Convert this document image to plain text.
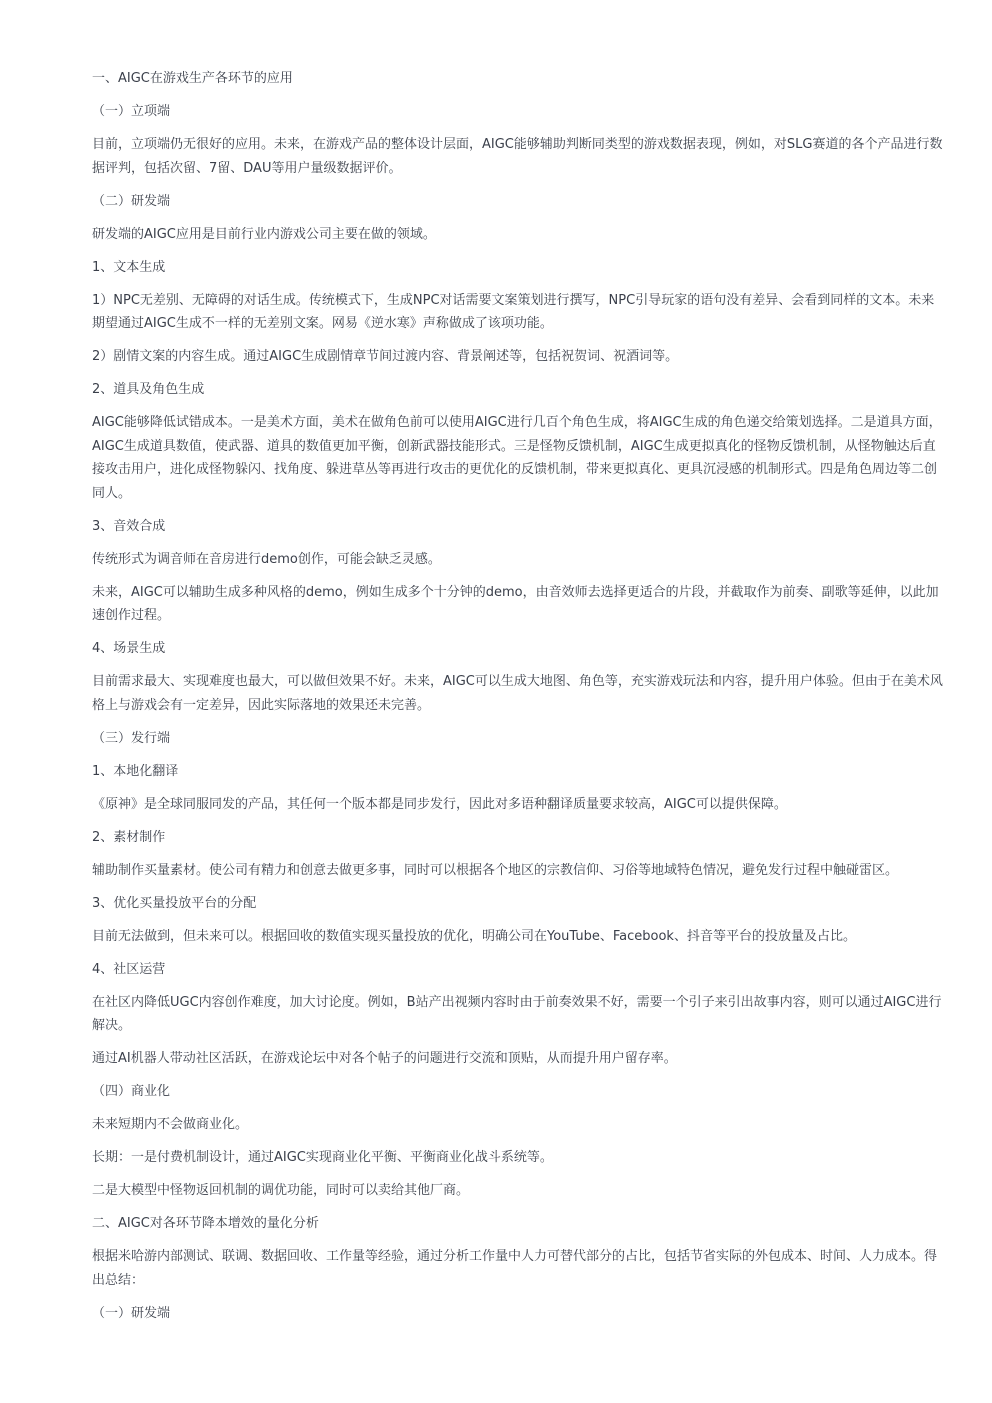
一、AIGC在游戏生产各环节的应用

（一）立项端

目前，立项端仍无很好的应用。未来，在游戏产品的整体设计层面，AIGC能够辅助判断同类型的游戏数据表现，例如，对SLG赛道的各个产品进行数据评判，包括次留、7留、DAU等用户量级数据评价。

（二）研发端

研发端的AIGC应用是目前行业内游戏公司主要在做的领域。

1、文本生成

1）NPC无差别、无障碍的对话生成。传统模式下，生成NPC对话需要文案策划进行撰写，NPC引导玩家的语句没有差异、会看到同样的文本。未来期望通过AIGC生成不一样的无差别文案。网易《逆水寒》声称做成了该项功能。

2）剧情文案的内容生成。通过AIGC生成剧情章节间过渡内容、背景阐述等，包括祝贺词、祝酒词等。

2、道具及角色生成

AIGC能够降低试错成本。一是美术方面，美术在做角色前可以使用AIGC进行几百个角色生成，将AIGC生成的角色递交给策划选择。二是道具方面，AIGC生成道具数值，使武器、道具的数值更加平衡，创新武器技能形式。三是怪物反馈机制，AIGC生成更拟真化的怪物反馈机制，从怪物触达后直接攻击用户，进化成怪物躲闪、找角度、躲进草丛等再进行攻击的更优化的反馈机制，带来更拟真化、更具沉浸感的机制形式。四是角色周边等二创同人。

3、音效合成

传统形式为调音师在音房进行demo创作，可能会缺乏灵感。

未来，AIGC可以辅助生成多种风格的demo，例如生成多个十分钟的demo，由音效师去选择更适合的片段，并截取作为前奏、副歌等延伸，以此加速创作过程。

4、场景生成

目前需求最大、实现难度也最大，可以做但效果不好。未来，AIGC可以生成大地图、角色等，充实游戏玩法和内容，提升用户体验。但由于在美术风格上与游戏会有一定差异，因此实际落地的效果还未完善。

（三）发行端

1、本地化翻译

《原神》是全球同服同发的产品，其任何一个版本都是同步发行，因此对多语种翻译质量要求较高，AIGC可以提供保障。

2、素材制作

辅助制作买量素材。使公司有精力和创意去做更多事，同时可以根据各个地区的宗教信仰、习俗等地域特色情况，避免发行过程中触碰雷区。

3、优化买量投放平台的分配

目前无法做到，但未来可以。根据回收的数值实现买量投放的优化，明确公司在YouTube、Facebook、抖音等平台的投放量及占比。

4、社区运营

在社区内降低UGC内容创作难度，加大讨论度。例如，B站产出视频内容时由于前奏效果不好，需要一个引子来引出故事内容，则可以通过AIGC进行解决。

通过AI机器人带动社区活跃，在游戏论坛中对各个帖子的问题进行交流和顶贴，从而提升用户留存率。

（四）商业化

未来短期内不会做商业化。

长期：一是付费机制设计，通过AIGC实现商业化平衡、平衡商业化战斗系统等。

二是大模型中怪物返回机制的调优功能，同时可以卖给其他厂商。

二、AIGC对各环节降本增效的量化分析

根据米哈游内部测试、联调、数据回收、工作量等经验，通过分析工作量中人力可替代部分的占比，包括节省实际的外包成本、时间、人力成本。得出总结：

（一）研发端
